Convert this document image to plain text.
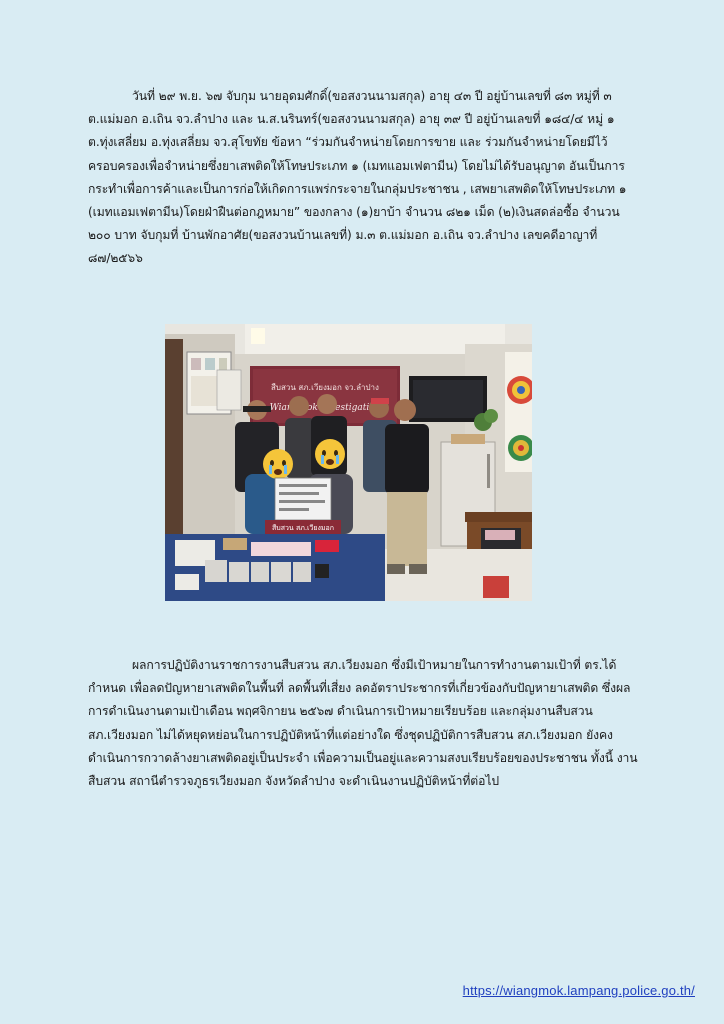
วันที่ ๒๙ พ.ย. ๖๗ จับกุม นายอุดมศักดิ์(ขอสงวนนามสกุล) อายุ ๔๓ ปี อยู่บ้านเลขที่ ๘๓ หมู่ที่ ๓
ต.แม่มอก อ.เถิน จว.ลำปาง และ น.ส.นรินทร์(ขอสงวนนามสกุล) อายุ ๓๙ ปี อยู่บ้านเลขที่ ๑๘๔/๔ หมู่ ๑
ต.ทุ่งเสลี่ยม อ.ทุ่งเสลี่ยม จว.สุโขทัย ข้อหา “ร่วมกันจำหน่ายโดยการขาย และ ร่วมกันจำหน่ายโดยมีไว้
ครอบครองเพื่อจำหน่ายซึ่งยาเสพติดให้โทษประเภท ๑ (เมทแอมเฟตามีน) โดยไม่ได้รับอนุญาต อันเป็นการ
กระทำเพื่อการค้าและเป็นการก่อให้เกิดการแพร่กระจายในกลุ่มประชาชน , เสพยาเสพติดให้โทษประเภท ๑
(เมทแอมเฟตามีน)โดยฝ่าฝืนต่อกฎหมาย” ของกลาง (๑)ยาบ้า จำนวน ๘๒๑ เม็ด (๒)เงินสดล่อซื้อ จำนวน
๒๐๐ บาท จับกุมที่ บ้านพักอาศัย(ขอสงวนบ้านเลขที่) ม.๓ ต.แม่มอก อ.เถิน จว.ลำปาง เลขคดีอาญาที่
๘๗/๒๕๖๖
สืบสวน สภ.เวียงมอก จว.ลำปาง
Investigation
สืบสวน สภ.เวียงมอก
ผลการปฏิบัติงานราชการงานสืบสวน สภ.เวียงมอก ซึ่งมีเป้าหมายในการทำงานตามเป้าที่ ตร.ได้
กำหนด เพื่อลดปัญหายาเสพติดในพื้นที่ ลดพื้นที่เสี่ยง ลดอัตราประชากรที่เกี่ยวข้องกับปัญหายาเสพติด ซึ่งผล
การดำเนินงานตามเป้าเดือน พฤศจิกายน ๒๕๖๗ ดำเนินการเป้าหมายเรียบร้อย และกลุ่มงานสืบสวน
สภ.เวียงมอก ไม่ได้หยุดหย่อนในการปฏิบัติหน้าที่แต่อย่างใด ซึ่งชุดปฏิบัติการสืบสวน สภ.เวียงมอก ยังคง
ดำเนินการกวาดล้างยาเสพติดอยู่เป็นประจำ เพื่อความเป็นอยู่และความสงบเรียบร้อยของประชาชน ทั้งนี้ งาน
สืบสวน สถานีตำรวจภูธรเวียงมอก จังหวัดลำปาง จะดำเนินงานปฏิบัติหน้าที่ต่อไป
https://wiangmok.lampang.police.go.th/
